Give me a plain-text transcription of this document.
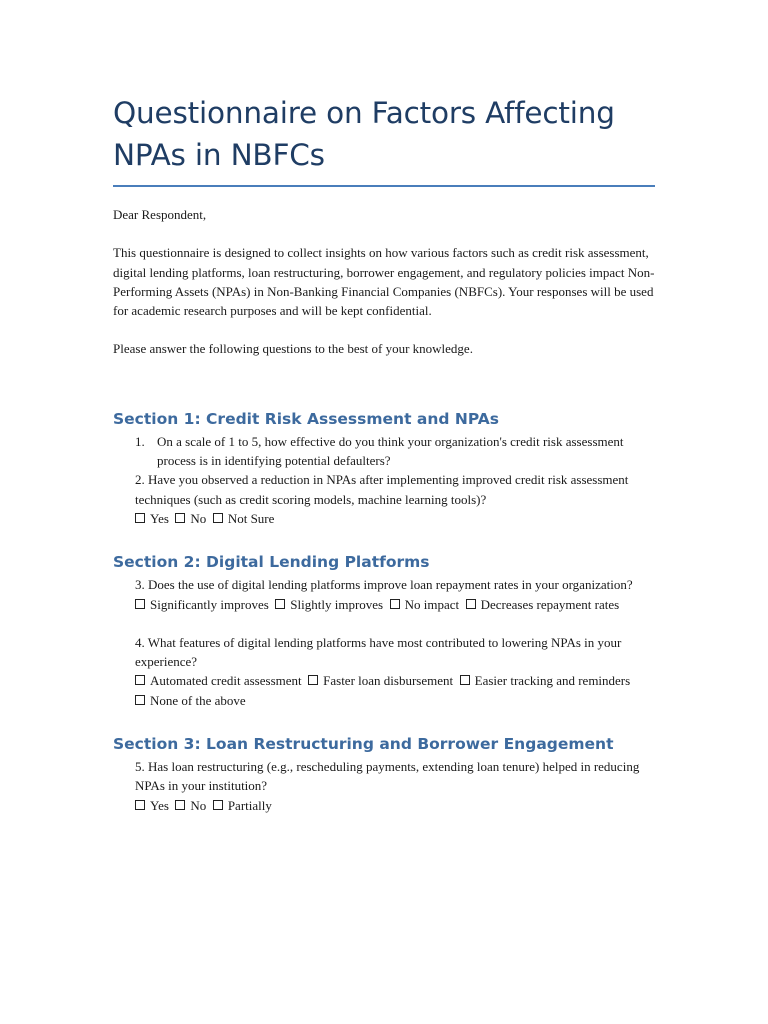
Questionnaire on Factors Affecting NPAs in NBFCs

Dear Respondent,

This questionnaire is designed to collect insights on how various factors such as credit risk assessment, digital lending platforms, loan restructuring, borrower engagement, and regulatory policies impact Non-Performing Assets (NPAs) in Non-Banking Financial Companies (NBFCs). Your responses will be used for academic research purposes and will be kept confidential.

Please answer the following questions to the best of your knowledge.

Section 1: Credit Risk Assessment and NPAs
1. On a scale of 1 to 5, how effective do you think your organization's credit risk assessment process is in identifying potential defaulters?

2. Have you observed a reduction in NPAs after implementing improved credit risk assessment techniques (such as credit scoring models, machine learning tools)?

Yes No Not Sure

Section 2: Digital Lending Platforms

3. Does the use of digital lending platforms improve loan repayment rates in your organization?

Significantly improves Slightly improves No impact Decreases repayment rates

4. What features of digital lending platforms have most contributed to lowering NPAs in your experience?

Automated credit assessment Faster loan disbursement Easier tracking and reminders  None of the above

Section 3: Loan Restructuring and Borrower Engagement

5. Has loan restructuring (e.g., rescheduling payments, extending loan tenure) helped in reducing NPAs in your institution?

Yes No Partially
